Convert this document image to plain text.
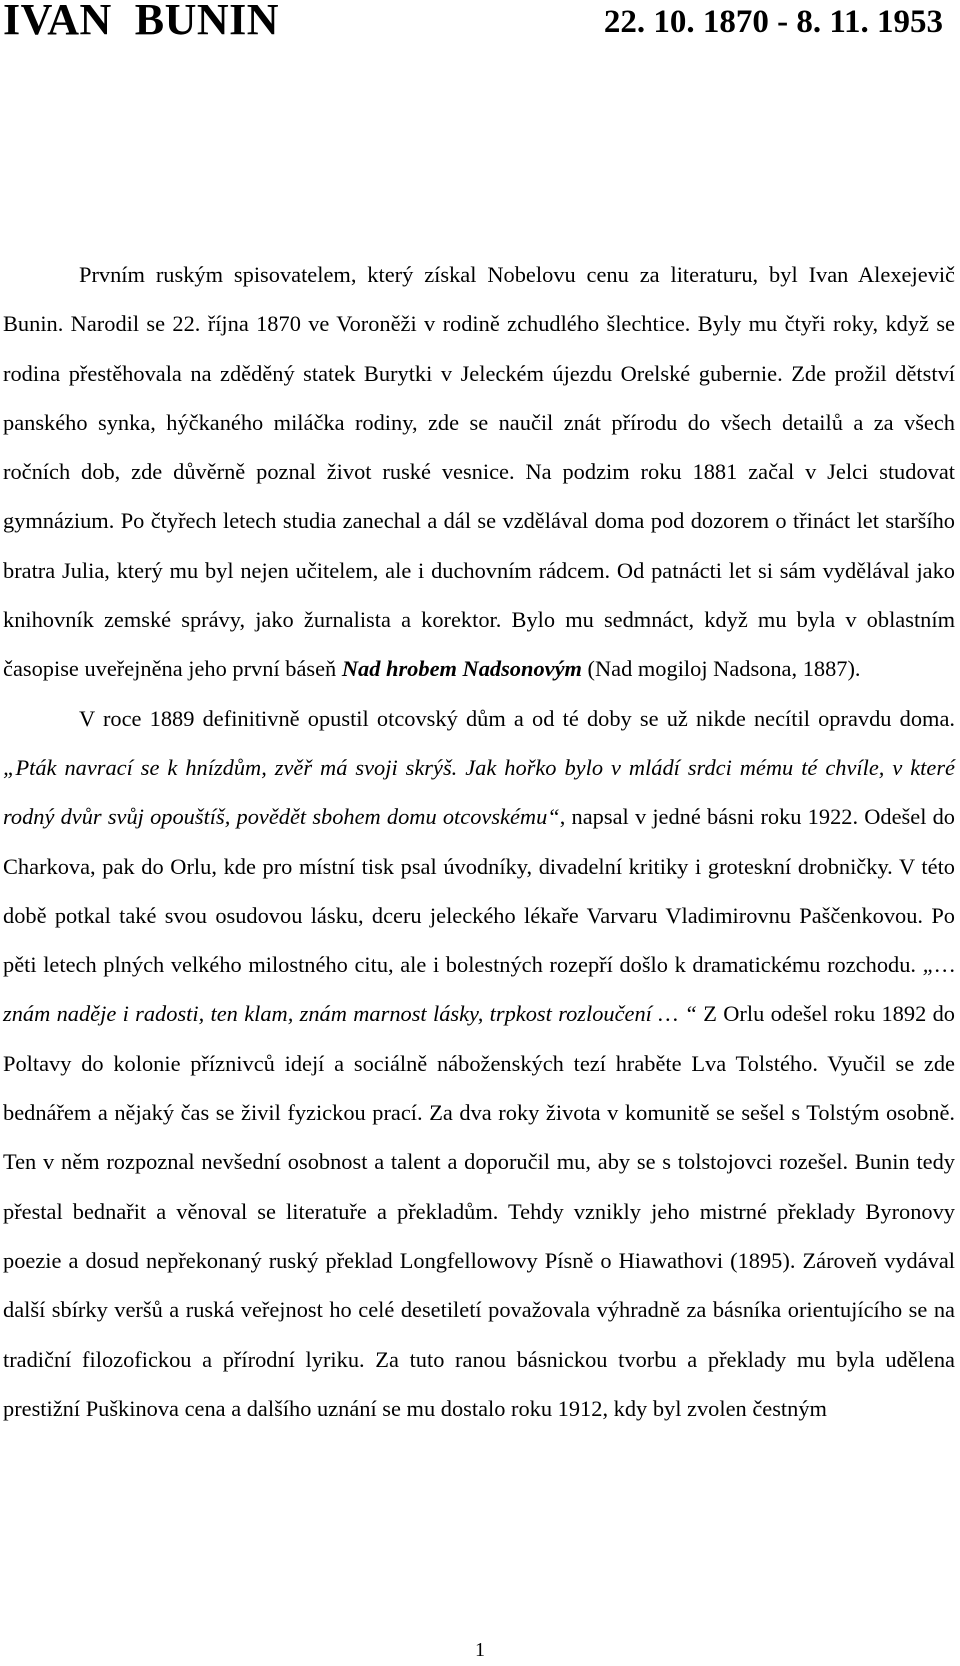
IVAN  BUNIN	22. 10. 1870 - 8. 11. 1953

Prvním ruským spisovatelem, který získal Nobelovu cenu za literaturu, byl Ivan Alexejevič Bunin. Narodil se 22. října 1870 ve Voroněži v rodině zchudlého šlechtice. Byly mu čtyři roky, když se rodina přestěhovala na zděděný statek Burytki v Jeleckém újezdu Orelské gubernie. Zde prožil dětství panského synka, hýčkaného miláčka rodiny, zde se naučil znát přírodu do všech detailů a za všech ročních dob, zde důvěrně poznal život ruské vesnice. Na podzim roku 1881 začal v Jelci studovat gymnázium. Po čtyřech letech studia zanechal a dál se vzdělával doma pod dozorem o třináct let staršího bratra Julia, který mu byl nejen učitelem, ale i duchovním rádcem. Od patnácti let si sám vydělával jako knihovník zemské správy, jako žurnalista a korektor. Bylo mu sedmnáct, když mu byla v oblastním časopise uveřejněna jeho první báseň Nad hrobem Nadsonovým (Nad mogiloj Nadsona, 1887).

V roce 1889 definitivně opustil otcovský dům a od té doby se už nikde necítil opravdu doma. „Pták navrací se k hnízdům, zvěř má svoji skrýš. Jak hořko bylo v mládí srdci mému té chvíle, v které rodný dvůr svůj opouštíš, povědět sbohem domu otcovskému“, napsal v jedné básni roku 1922. Odešel do Charkova, pak do Orlu, kde pro místní tisk psal úvodníky, divadelní kritiky i groteskní drobničky. V této době potkal také svou osudovou lásku, dceru jeleckého lékaře Varvaru Vladimirovnu Paščenkovou. Po pěti letech plných velkého milostného citu, ale i bolestných rozepří došlo k dramatickému rozchodu. „…znám naděje i radosti, ten klam, znám marnost lásky, trpkost rozloučení … “ Z Orlu odešel roku 1892 do Poltavy do kolonie příznivců idejí a sociálně náboženských tezí hraběte Lva Tolstého. Vyučil se zde bednářem a nějaký čas se živil fyzickou prací. Za dva roky života v komunitě se sešel s Tolstým osobně. Ten v něm rozpoznal nevšední osobnost a talent a doporučil mu, aby se s tolstojovci rozešel. Bunin tedy přestal bednařit a věnoval se literatuře a překladům. Tehdy vznikly jeho mistrné překlady Byronovy poezie a dosud nepřekonaný ruský překlad Longfellowovy Písně o Hiawathovi (1895). Zároveň vydával další sbírky veršů a ruská veřejnost ho celé desetiletí považovala výhradně za básníka orientujícího se na tradiční filozofickou a přírodní lyriku. Za tuto ranou básnickou tvorbu a překlady mu byla udělena prestižní Puškinova cena a dalšího uznání se mu dostalo roku 1912, kdy byl zvolen čestným

1
